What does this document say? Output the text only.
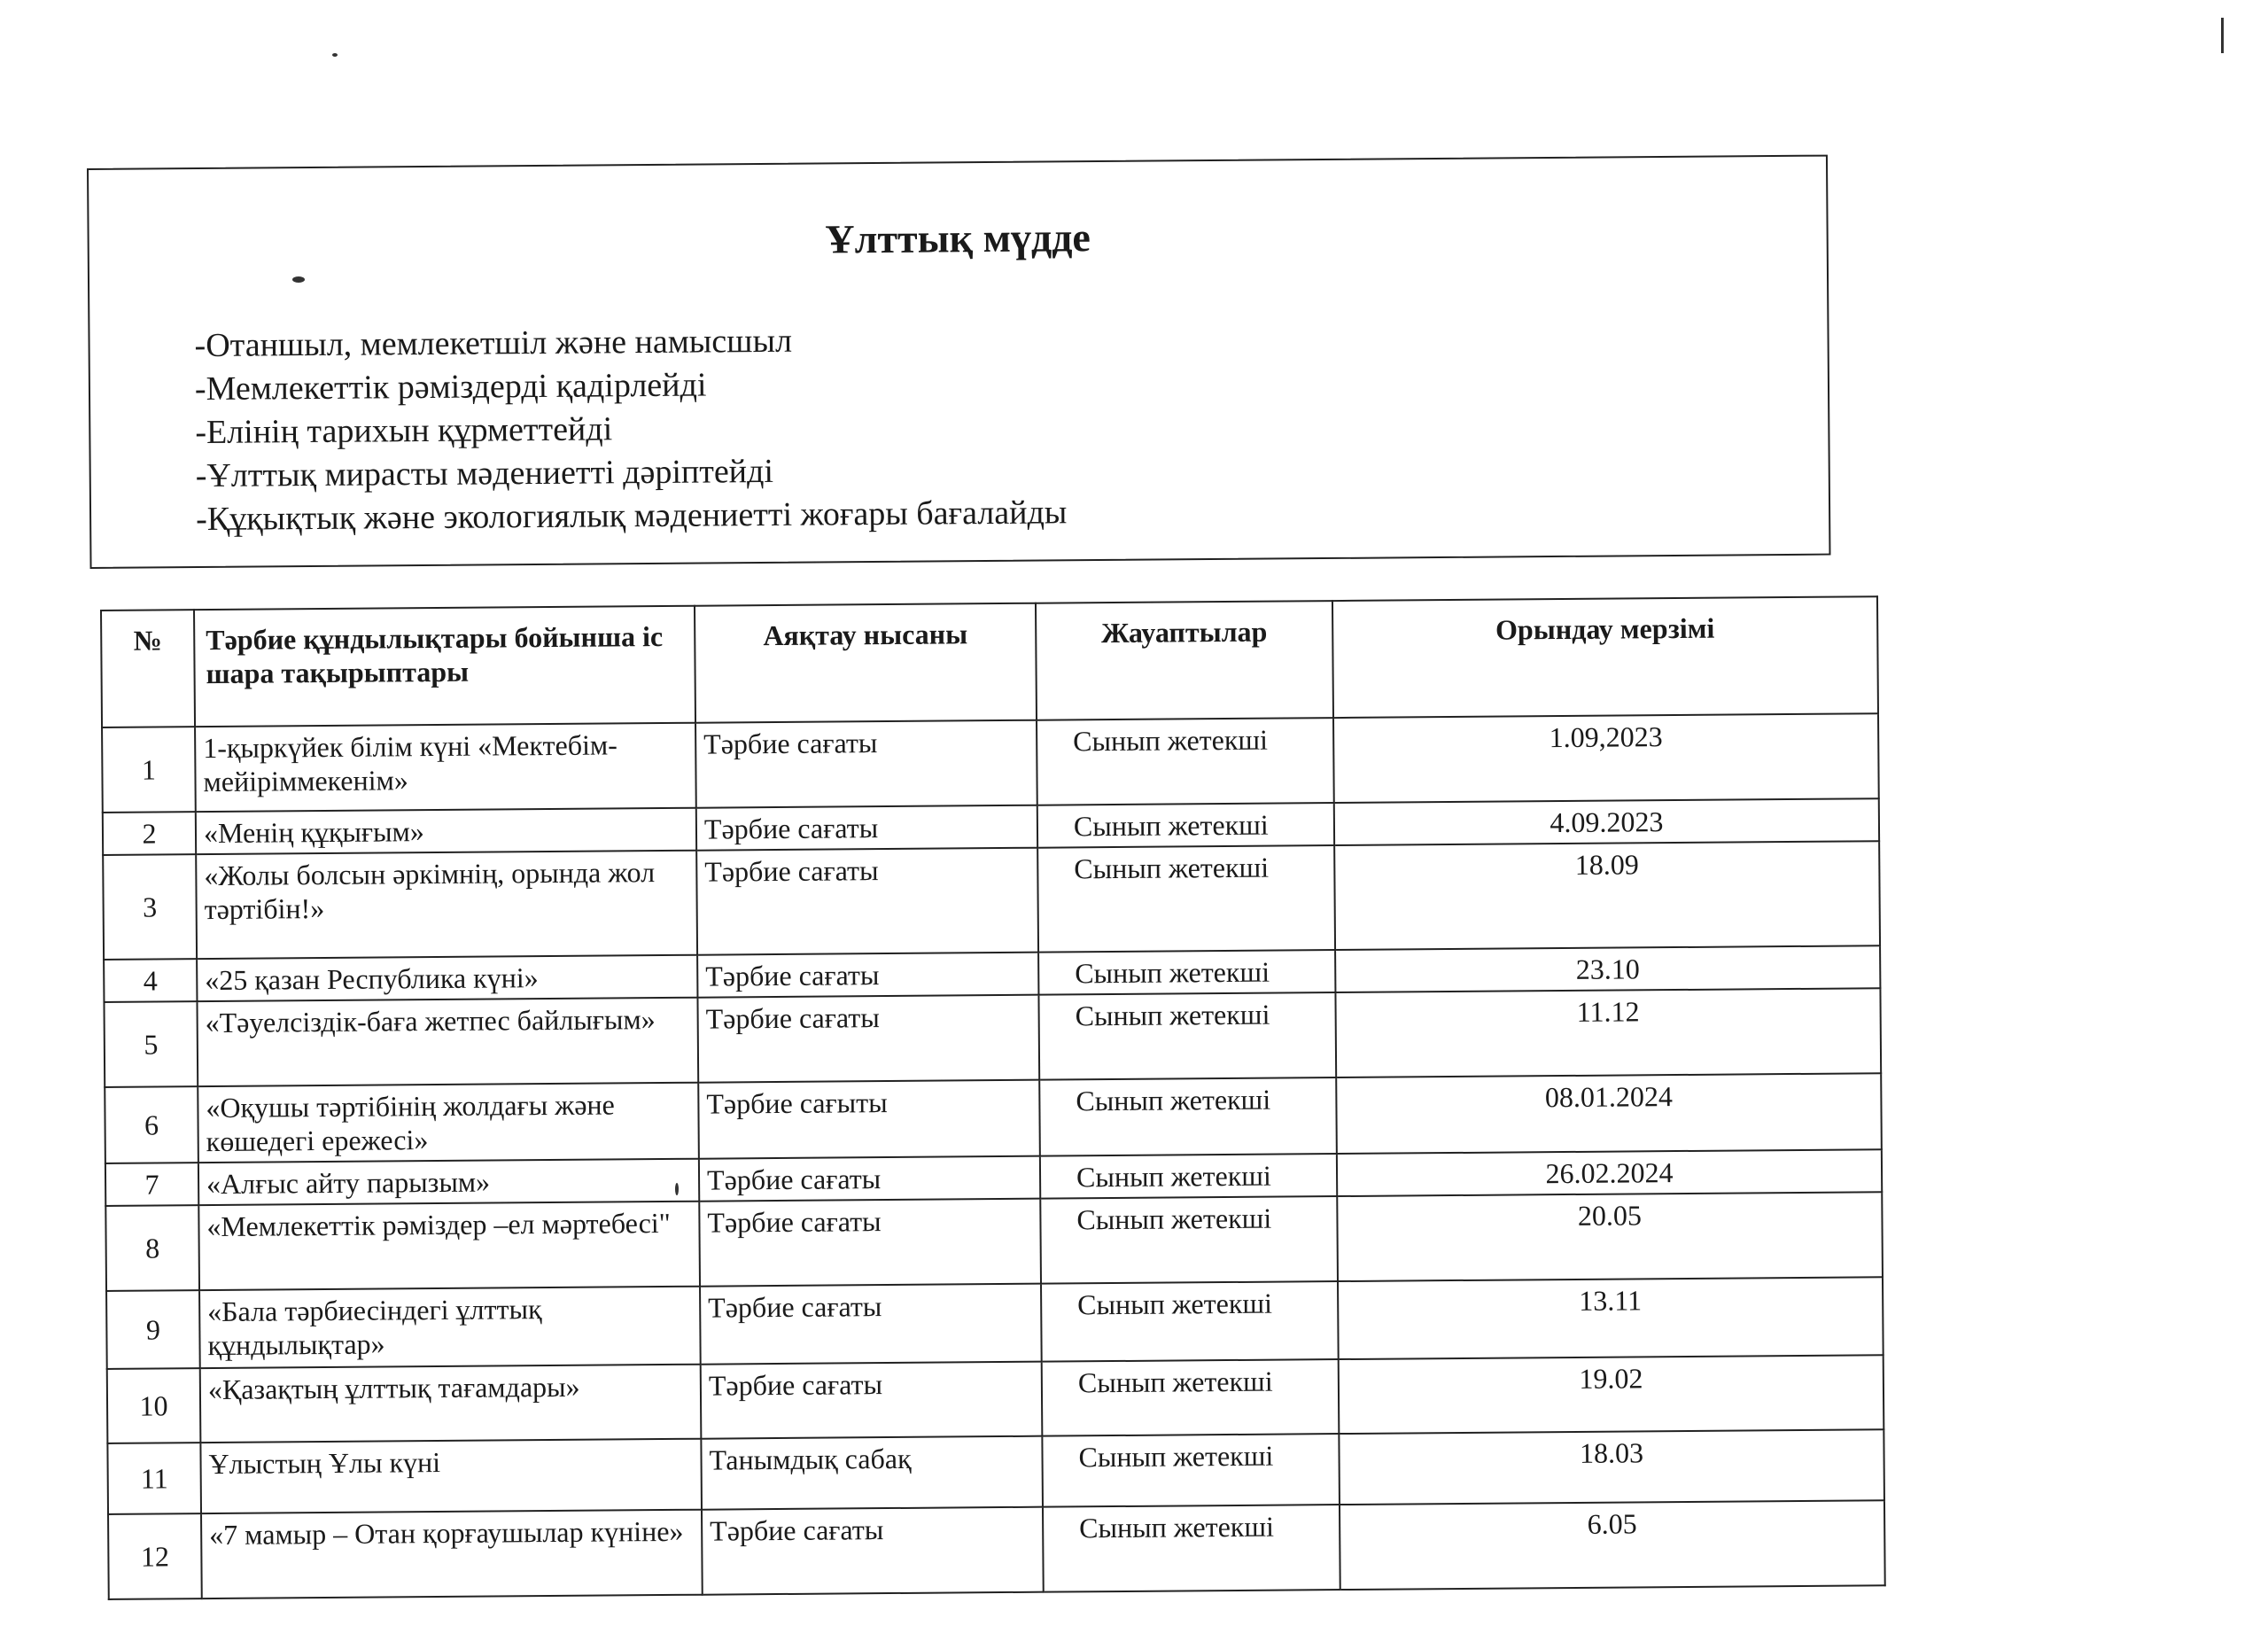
Ұлттық мүдде
-Отаншыл, мемлекетшіл және намысшыл
-Мемлекеттік рәміздерді қадірлейді
-Елінің тарихын құрметтейді
-Ұлттық мирасты мәдениетті дәріптейді
-Құқықтық және экологиялық мәдениетті жоғары бағалайды
№	Тәрбие құндылықтары бойынша іс шара тақырыптары	Аяқтау нысаны	Жауаптылар	Орындау мерзімі
1	1-қыркүйек білім күні «Мектебім- мейіріммекенім»	Тәрбие сағаты	Сынып жетекші	1.09,2023
2	«Менің құқығым»	Тәрбие сағаты	Сынып жетекші	4.09.2023
3	«Жолы болсын әркімнің, орында жол тәртібін!»	Тәрбие сағаты	Сынып жетекші	18.09
4	«25 қазан Республика күні»	Тәрбие сағаты	Сынып жетекші	23.10
5	«Тәуелсіздік-баға жетпес байлығым»	Тәрбие сағаты	Сынып жетекші	11.12
6	«Оқушы тәртібінің жолдағы және көшедегі ережесі»	Тәрбие сағыты	Сынып жетекші	08.01.2024
7	«Алғыс айту парызым»	Тәрбие сағаты	Сынып жетекші	26.02.2024
8	«Мемлекеттік рәміздер –ел мәртебесі"	Тәрбие сағаты	Сынып жетекші	20.05
9	«Бала тәрбиесіндегі ұлттық құндылықтар»	Тәрбие сағаты	Сынып жетекші	13.11
10	«Қазақтың ұлттық тағамдары»	Тәрбие сағаты	Сынып жетекші	19.02
11	Ұлыстың Ұлы күні	Танымдық сабақ	Сынып жетекші	18.03
12	«7 мамыр – Отан қорғаушылар күніне»	Тәрбие сағаты	Сынып жетекші	6.05
